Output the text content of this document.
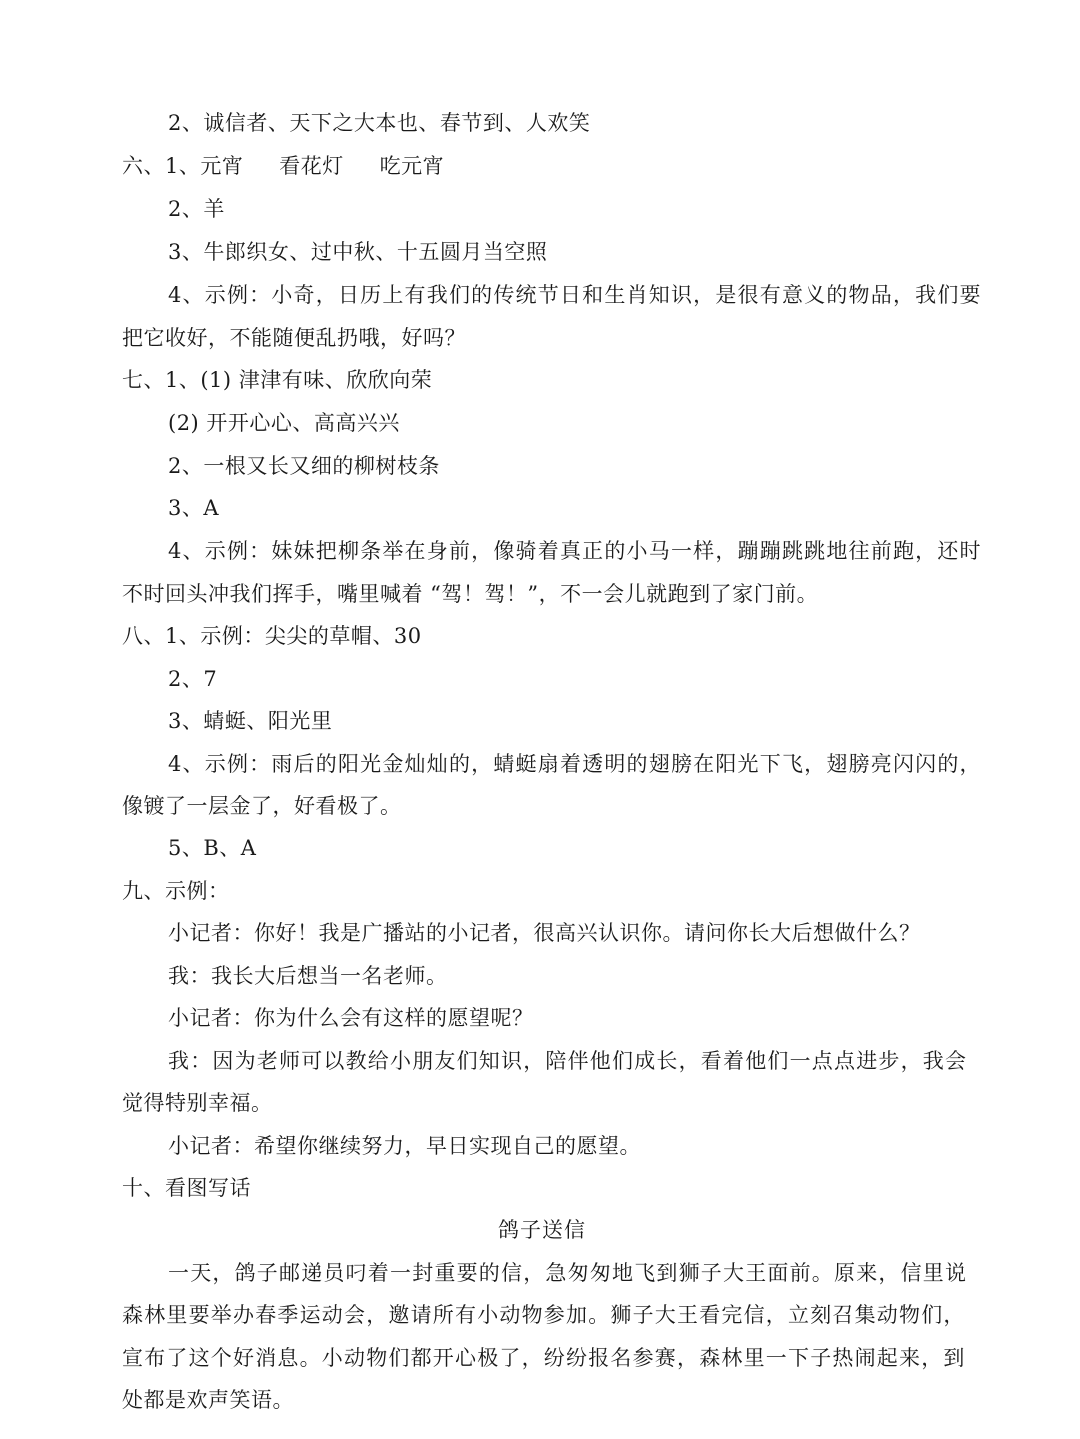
2、诚信者、天下之大本也、春节到、人欢笑
六、1、元宵     看花灯     吃元宵
2、羊
3、牛郎织女、过中秋、十五圆月当空照
4、示例：小奇，日历上有我们的传统节日和生肖知识，是很有意义的物品，我们要
把它收好，不能随便乱扔哦，好吗？
七、1、(1) 津津有味、欣欣向荣
(2) 开开心心、高高兴兴
2、一根又长又细的柳树枝条
3、A
4、示例：妹妹把柳条举在身前，像骑着真正的小马一样，蹦蹦跳跳地往前跑，还时
不时回头冲我们挥手，嘴里喊着 “驾！驾！”，不一会儿就跑到了家门前。
八、1、示例：尖尖的草帽、30
2、7
3、蜻蜓、阳光里
4、示例：雨后的阳光金灿灿的，蜻蜓扇着透明的翅膀在阳光下飞，翅膀亮闪闪的，
像镀了一层金了，好看极了。
5、B、A
九、示例：
小记者：你好！我是广播站的小记者，很高兴认识你。请问你长大后想做什么？
我：我长大后想当一名老师。
小记者：你为什么会有这样的愿望呢？
我：因为老师可以教给小朋友们知识，陪伴他们成长，看着他们一点点进步，我会
觉得特别幸福。
小记者：希望你继续努力，早日实现自己的愿望。
十、看图写话
鸽子送信
一天，鸽子邮递员叼着一封重要的信，急匆匆地飞到狮子大王面前。原来，信里说
森林里要举办春季运动会，邀请所有小动物参加。狮子大王看完信，立刻召集动物们，
宣布了这个好消息。小动物们都开心极了，纷纷报名参赛，森林里一下子热闹起来，到
处都是欢声笑语。
